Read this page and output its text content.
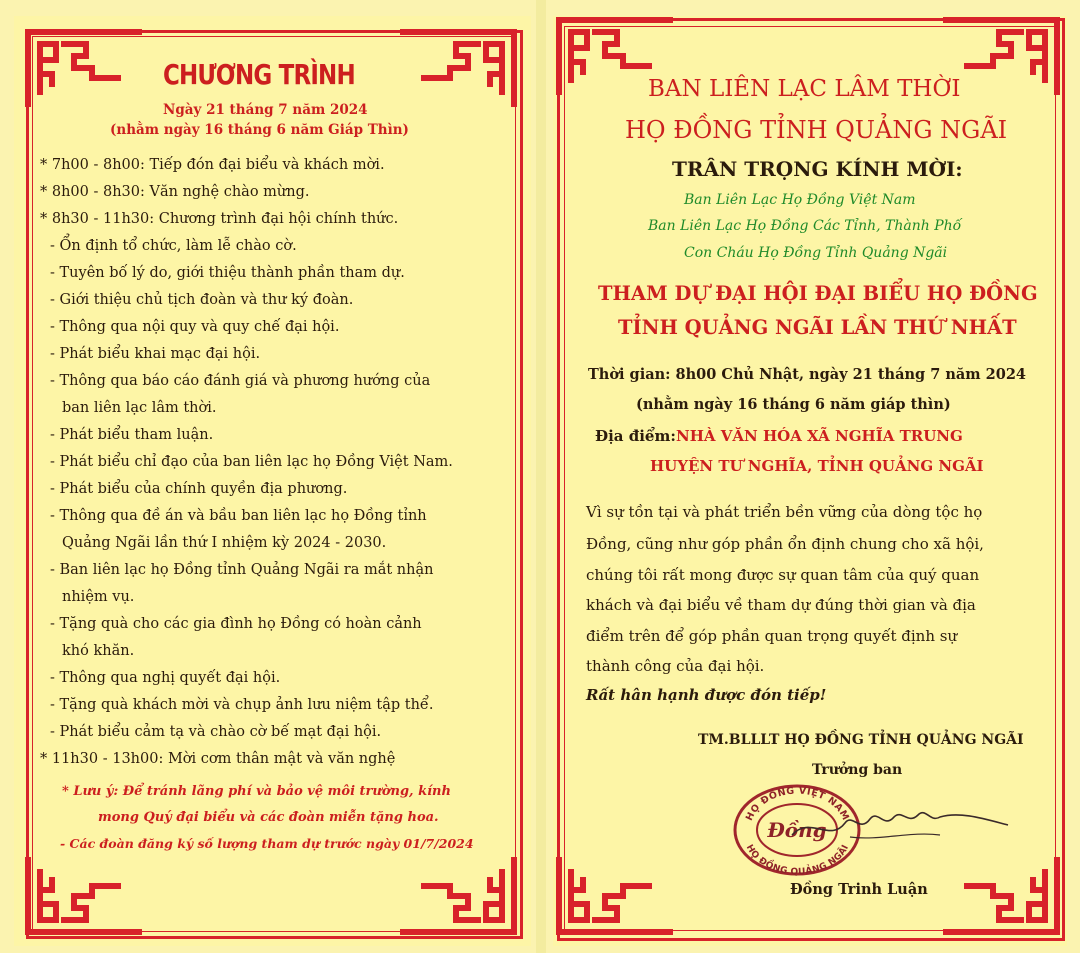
CHƯƠNG TRÌNH
Ngày 21 tháng 7 năm 2024
(nhằm ngày 16 tháng 6 năm Giáp Thìn)
* 7h00 - 8h00: Tiếp đón đại biểu và khách mời.
* 8h00 - 8h30: Văn nghệ chào mừng.
* 8h30 - 11h30: Chương trình đại hội chính thức.
- Ổn định tổ chức, làm lễ chào cờ.
- Tuyên bố lý do, giới thiệu thành phần tham dự.
- Giới thiệu chủ tịch đoàn và thư ký đoàn.
- Thông qua nội quy và quy chế đại hội.
- Phát biểu khai mạc đại hội.
- Thông qua báo cáo đánh giá và phương hướng của
ban liên lạc lâm thời.
- Phát biểu tham luận.
- Phát biểu chỉ đạo của ban liên lạc họ Đồng Việt Nam.
- Phát biểu của chính quyền địa phương.
- Thông qua đề án và bầu ban liên lạc họ Đồng tỉnh
Quảng Ngãi lần thứ I nhiệm kỳ 2024 - 2030.
- Ban liên lạc họ Đồng tỉnh Quảng Ngãi ra mắt nhận
nhiệm vụ.
- Tặng quà cho các gia đình họ Đồng có hoàn cảnh
khó khăn.
- Thông qua nghị quyết đại hội.
- Tặng quà khách mời và chụp ảnh lưu niệm tập thể.
- Phát biểu cảm tạ và chào cờ bế mạt đại hội.
* 11h30 - 13h00: Mời cơm thân mật và văn nghệ
* Lưu ý: Để tránh lãng phí và bảo vệ môi trường, kính
mong Quý đại biểu và các đoàn miễn tặng hoa.
- Các đoàn đăng ký số lượng tham dự trước ngày 01/7/2024
BAN LIÊN LẠC LÂM THỜI
HỌ ĐỒNG TỈNH QUẢNG NGÃI
TRÂN TRỌNG KÍNH MỜI:
Ban Liên Lạc Họ Đồng Việt Nam
Ban Liên Lạc Họ Đồng Các Tỉnh, Thành Phố
Con Cháu Họ Đồng Tỉnh Quảng Ngãi
THAM DỰ ĐẠI HỘI ĐẠI BIỂU HỌ ĐỒNG
TỈNH QUẢNG NGÃI LẦN THỨ NHẤT
Thời gian: 8h00 Chủ Nhật, ngày 21 tháng 7 năm 2024
(nhằm ngày 16 tháng 6 năm giáp thìn)
Địa điểm: NHÀ VĂN HÓA XÃ NGHĨA TRUNG
HUYỆN TƯ NGHĨA, TỈNH QUẢNG NGÃI
Vì sự tồn tại và phát triển bền vững của dòng tộc họ
Đồng, cũng như góp phần ổn định chung cho xã hội,
chúng tôi rất mong được sự quan tâm của quý quan
khách và đại biểu về tham dự đúng thời gian và địa
điểm trên để góp phần quan trọng quyết định sự
thành công của đại hội.
Rất hân hạnh được đón tiếp!
TM.BLLLT HỌ ĐỒNG TỈNH QUẢNG NGÃI
Trưởng ban
HỌ ĐỒNG VIỆT NAM
HỌ ĐỒNG QUẢNG NGÃI
Đồng
Đồng Trinh Luận
